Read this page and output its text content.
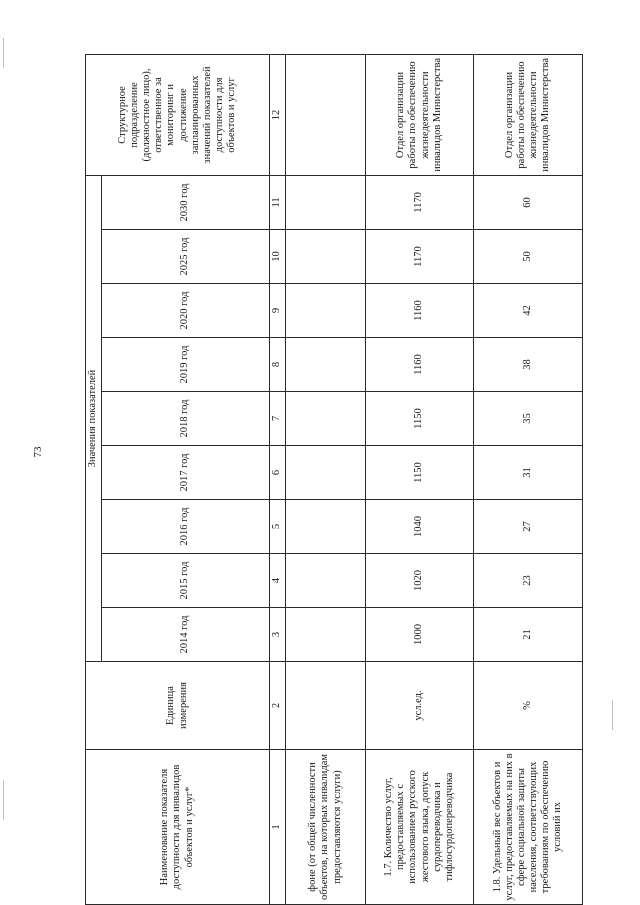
73
Наименование показателя доступности для инвалидов объектов и услуг*	Единица измерения	Значения показателей									Структурное подразделение (должностное лицо), ответственное за мониторинг и достижение запланированных значений показателей доступности для объектов и услуг
		2014 год	2015 год	2016 год	2017 год	2018 год	2019 год	2020 год	2025 год	2030 год	
1	2	3	4	5	6	7	8	9	10	11	12
фоне (от общей численности объектов, на которых инвалидам предоставляются услуги)											
1.7. Количество услуг, предоставляемых с использованием русского жестового языка, допуск сурдопереводчика и тифлосурдопереводчика	усл.ед.	1000	1020	1040	1150	1150	1160	1160	1170	1170	Отдел организации работы по обеспечению жизнедеятельности инвалидов Министерства
1.8. Удельный вес объектов и услуг, предоставляемых на них в сфере социальной защиты населения, соответствующих требованиям по обеспечению условий их	%	21	23	27	31	35	38	42	50	60	Отдел организации работы по обеспечению жизнедеятельности инвалидов Министерства
